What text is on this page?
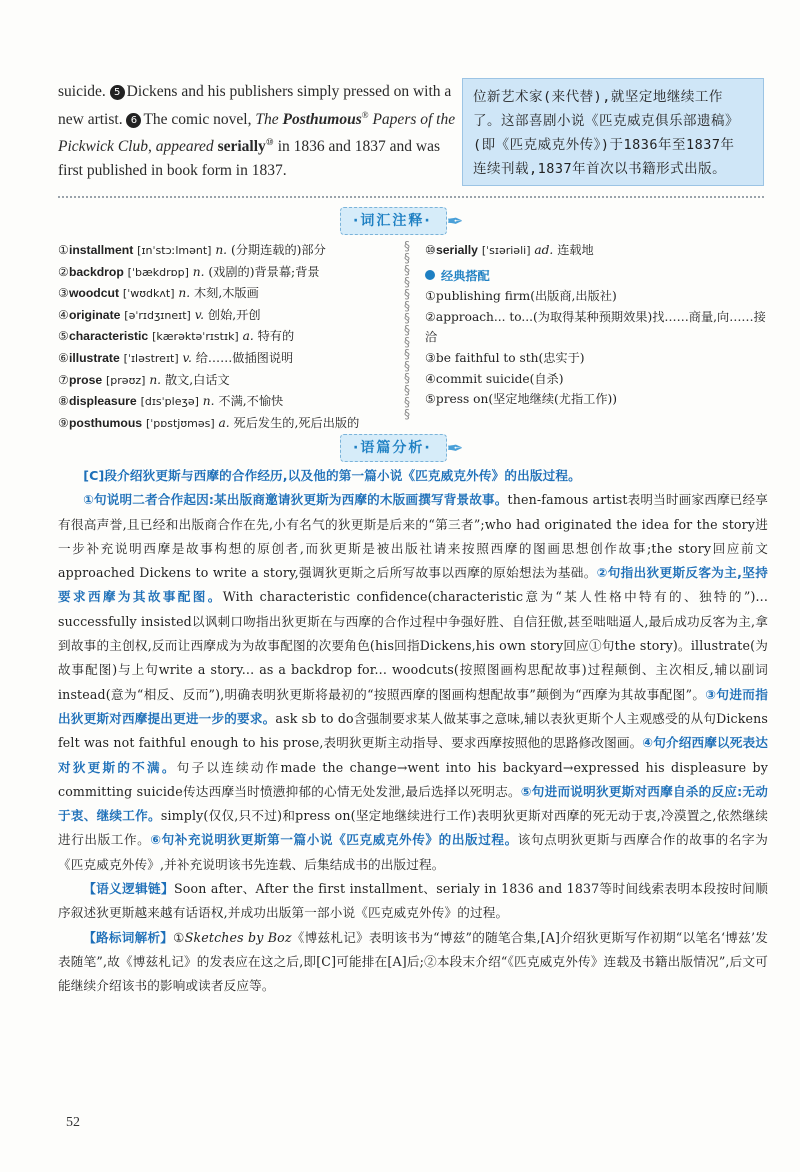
suicide. 5 Dickens and his publishers simply pressed on with a new artist. 6 The comic novel, The Posthumous® Papers of the Pickwick Club, appeared serially⑩ in 1836 and 1837 and was first published in book form in 1837.
位新艺术家(来代替),就坚定地继续工作
了。这部喜剧小说《匹克威克俱乐部遗稿》
(即《匹克威克外传》)于1836年至1837年
连续刊载,1837年首次以书籍形式出版。
·词汇注释· ✒
①installment [ɪnˈstɔːlmənt] n. (分期连载的)部分
②backdrop [ˈbækdrɒp] n. (戏剧的)背景幕;背景
③woodcut [ˈwʊdkʌt] n. 木刻,木版画
④originate [əˈrɪdʒɪneɪt] v. 创始,开创
⑤characteristic [kærəktəˈrɪstɪk] a. 特有的
⑥illustrate [ˈɪləstreɪt] v. 给……做插图说明
⑦prose [prəʊz] n. 散文,白话文
⑧displeasure [dɪsˈpleʒə] n. 不满,不愉快
⑨posthumous [ˈpɒstjʊməs] a. 死后发生的,死后出版的
§
§
§
§
§
§
§
§
§
§
§
§
§
§
§
⑩serially [ˈsɪəriəli] ad. 连载地
经典搭配
①publishing firm(出版商,出版社)
②approach... to...(为取得某种预期效果)找……商量,向……接洽
③be faithful to sth(忠实于)
④commit suicide(自杀)
⑤press on(坚定地继续(尤指工作))
·语篇分析· ✒

[C]段介绍狄更斯与西摩的合作经历,以及他的第一篇小说《匹克威克外传》的出版过程。

①句说明二者合作起因:某出版商邀请狄更斯为西摩的木版画撰写背景故事。then-famous artist表明当时画家西摩已经享有很高声誉,且已经和出版商合作在先,小有名气的狄更斯是后来的“第三者”;who had originated the idea for the story进一步补充说明西摩是故事构想的原创者,而狄更斯是被出版社请来按照西摩的图画思想创作故事;the story回应前文approached Dickens to write a story,强调狄更斯之后所写故事以西摩的原始想法为基础。②句指出狄更斯反客为主,坚持要求西摩为其故事配图。With characteristic confidence(characteristic意为“某人性格中特有的、独特的”)... successfully insisted以讽刺口吻指出狄更斯在与西摩的合作过程中争强好胜、自信狂傲,甚至咄咄逼人,最后成功反客为主,拿到故事的主创权,反而让西摩成为为故事配图的次要角色(his回指Dickens,his own story回应①句the story)。illustrate(为故事配图)与上句write a story... as a backdrop for... woodcuts(按照图画构思配故事)过程颠倒、主次相反,辅以副词instead(意为“相反、反而”),明确表明狄更斯将最初的“按照西摩的图画构想配故事”颠倒为“西摩为其故事配图”。③句进而指出狄更斯对西摩提出更进一步的要求。ask sb to do含强制要求某人做某事之意味,辅以表狄更斯个人主观感受的从句Dickens felt was not faithful enough to his prose,表明狄更斯主动指导、要求西摩按照他的思路修改图画。④句介绍西摩以死表达对狄更斯的不满。句子以连续动作made the change→went into his backyard→expressed his displeasure by committing suicide传达西摩当时愤懑抑郁的心情无处发泄,最后选择以死明志。⑤句进而说明狄更斯对西摩自杀的反应:无动于衷、继续工作。simply(仅仅,只不过)和press on(坚定地继续进行工作)表明狄更斯对西摩的死无动于衷,冷漠置之,依然继续进行出版工作。⑥句补充说明狄更斯第一篇小说《匹克威克外传》的出版过程。该句点明狄更斯与西摩合作的故事的名字为《匹克威克外传》,并补充说明该书先连载、后集结成书的出版过程。

【语义逻辑链】Soon after、After the first installment、serialy in 1836 and 1837等时间线索表明本段按时间顺序叙述狄更斯越来越有话语权,并成功出版第一部小说《匹克威克外传》的过程。

【路标词解析】①Sketches by Boz《博兹札记》表明该书为“博兹”的随笔合集,[A]介绍狄更斯写作初期“以笔名‘博兹’发表随笔”,故《博兹札记》的发表应在这之后,即[C]可能排在[A]后;②本段末介绍“《匹克威克外传》连载及书籍出版情况”,后文可能继续介绍该书的影响或读者反应等。

52
